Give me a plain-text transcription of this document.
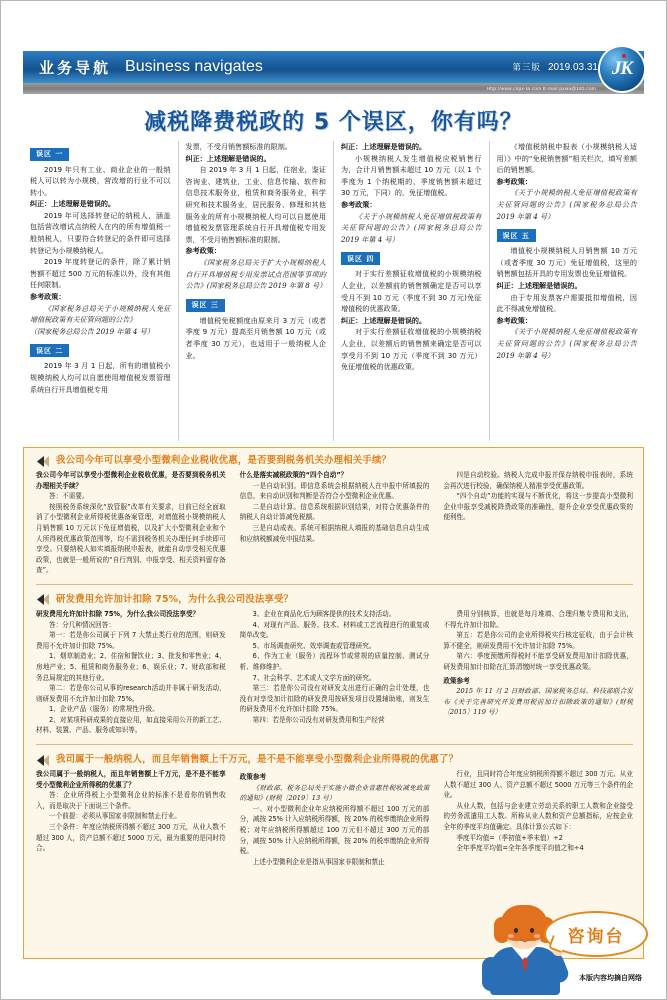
业务导航 Business navigates	第三版 2019.03.31
Http://www.cnpx-ta.com E-mail:pxwu@163.com
JK
减税降费税政的 5 个误区，你有吗？
误区 一

2019 年只有工业、商业企业的一般纳税人可以转为小规模，营改增的行业不可以转小。

纠正：上述理解是错误的。

2019 年可选择转登记的纳税人，涵盖包括营改增试点纳税人在内的所有增值税一般纳税人，只要符合转登记的条件即可选择转登记为小规模纳税人。

2019 年度转登记的条件，除了累计销售额不超过 500 万元的标准以外，没有其他任何限制。

参考政策：

《国家税务总局关于小规模纳税人免征增值税政策有关征管问题的公告》

（国家税务总局公告 2019 年第 4 号）

误区 二

2019 年 3 月 1 日起，所有的增值税小规模纳税人均可以自愿使用增值税发票管理系统自行开具增值税专用

发票，不受月销售额标准的限制。

纠正：上述理解是错误的。

自 2019 年 3 月 1 日起，住宿业，鉴证咨询业、建筑业，工业、信息传输、软件和信息技术服务业，租赁和商务服务业，科学研究和技术服务业，居民服务、修理和其他服务业的所有小规模纳税人均可以自愿使用增值税发票管理系统自行开具增值税专用发票，不受月销售额标准的限制。

参考政策：

《国家税务总局关于扩大小规模纳税人自行开具增值税专用发票试点范围等事项的公告》(国家税务总局公告 2019 年第 8 号）

误区 三

增值税免税额度由原来月 3 万元（或者季度 9 万元）提高至月销售额 10 万元（或者季度 30 万元），也适用于一般纳税人企业。

纠正：上述理解是错误的。

小规模纳税人发生增值税应税销售行为，合计月销售额未超过 10 万元（以 1 个季度为 1 个纳税期的，季度销售额未超过 30 万元，下同）的，免征增值税。

参考政策：

《关于小规模纳税人免征增值税政策有关征管问题的公告》(国家税务总局公告 2019 年第 4 号）

误区 四

对于实行差额征收增值税的小规模纳税人企业，以差额前的销售额确定是否可以享受月不到 10 万元（季度不到 30 万元)免征增值税的优惠政策。

纠正：上述理解是错误的。

对于实行差额征收增值税的小规模纳税人企业，以差额后的销售额来确定是否可以享受月不到 10 万元（季度不到 30 万元）免征增值税的优惠政策。

《增值税纳税申报表（小规模纳税人适用）》中的“免税销售额”相关栏次，填写差额后的销售额。

参考政策：

《关于小规模纳税人免征增值税政策有关征管问题的公告》(国家税务总局公告 2019 年第 4 号）

误区 五

增值税小规模纳税人月销售额 10 万元（或者季度 30 万元）免征增值税，这里的销售额包括开具的专用发票也免征增值税。

纠正：上述理解是错误的。

由于专用发票客户需要抵扣增值税，因此不得减免增值税。

参考政策：

《关于小规模纳税人免征增值税政策有关征管问题的公告》(国家税务总局公告 2019 年第 4 号）

我公司今年可以享受小型微利企业税收优惠，是否要到税务机关办理相关手续？

我公司今年可以享受小型微利企业税收优惠，是否要到税务机关办理相关手续？

答：不需要。

按照税务系统深化“放管服”改革有关要求，目前已经全面取消了小型微利企业所得税优惠备案管理，对增值税小规模纳税人月销售额 10 万元以下免征增值税，以及扩大小型微利企业和个人所得税优惠政策范围等，均不需到税务机关办理任何手续即可享受。只要纳税人如实填报纳税申报表，就能自动享受相关优惠政策，也就是一般所说的“自行判别、申报享受、相关资料留存备查”。

什么是落实减税政策的“四个自动”？

一是自动识别。即信息系统会根据纳税人在申报中所填报的信息，来自动识别和判断是否符合小型微利企业优惠。

二是自动计算。信息系统根据识别结果，对符合优惠条件的纳税人自动计算减免税额。

三是自动成表。系统可根据纳税人填报的基础信息自动生成和应纳税额减免申报结果。

四是自动校验。纳税人完成申报并保存纳税申报表时，系统会再次进行校验，确保纳税人精准享受优惠政策。

“四个自动”功能的实现与不断优化，将这一步提高小型微利企业申报享受减税降费政策的准确性，提升企业享受优惠政策的便利性。

研发费用允许加计扣除 75%，为什么我公司没法享受？

研发费用允许加计扣除 75%，为什么我公司没法享受？

答：分几种情况回答：

第一：若是你公司属于下列 7 大禁止类行业的范围，则研发费用不允许加计扣除 75%。

1、烟草制造业；2、住宿和餐饮业；3、批发和零售业；4、房地产业；5、租赁和商务服务业；6、娱乐业；7、财政部和税务总局规定的其他行业。

第二：若是你公司从事的research活动并非属于研发活动，则研发费用不允许加计扣除 75%。

1、企业产品（服务）的常规性升级。

2、对某项科研成果的直接应用，如直接采用公开的新工艺、材料、装置、产品、服务或知识等。

3、企业在商品化后为顾客提供的技术支持活动。

4、对现有产品、服务、技术、材料或工艺流程进行的重复或简单改变。

5、市场调查研究、效率调查或管理研究。

6、作为工业（服务）流程环节或常规的质量控制、测试分析、维修维护。

7、社会科学、艺术或人文学方面的研究。

第三：若是你公司没有对研发支出进行正确的会计处理，也没有对享受加计扣除的研发费用按研发项目设置辅助账，则发生的研发费用不允许加计扣除 75%。

第四：若是你公司没有对研发费用和生产经营

费用分别核算，也就是每月堆填、合理归集专费用和支出，不得允许加计扣除。

第五：若是你公司的企业所得税实行核定征收，由于会计核算不健全，则研发费用不允许加计扣除 75%。

第六：季度预缴所得税时不能享受研发费用加计扣除优惠，研发费用加计扣除在汇算清缴时统一享受优惠政策。

政策参考

2015 年 11 月 2 日财政部、国家税务总局、科技部联合发布《关于完善研究开发费用税前加计扣除政策的通知》(财税〔2015〕119 号）

我司属于一般纳税人，而且年销售额上千万元，是不是不能享受小型微利企业所得税的优惠了？

我公司属于一般纳税人，而且年销售额上千万元，是不是不能享受小型微利企业所得税的优惠了？

答：企业所得税上小型微利企业的标准不是看你的销售收入，而是取决于下面说三个条件。

一个前提：必须从事国家非限制和禁止行业。

三个条件：年度应纳税所得额不超过 300 万元，从业人数不超过 300 人，资产总额不超过 5000 万元，最为重要的是同时符合。

政策参考

《财政部、税务总局关于实施小微企业普惠性税收减免政策的通知》(财税〔2019〕13 号）

一、对小型微利企业年应纳税所得额不超过 100 万元的部分，减按 25% 计入应纳税所得额，按 20% 的税率缴纳企业所得税；对年应纳税所得额超过 100 万元但不超过 300 万元的部分，减按 50% 计入应纳税所得额，按 20% 的税率缴纳企业所得税。

上述小型微利企业是指从事国家非限制和禁止

行业，且同时符合年度应纳税所得额不超过 300 万元、从业人数不超过 300 人、资产总额不超过 5000 万元等三个条件的企业。

从业人数，包括与企业建立劳动关系的职工人数和企业接受的劳务派遣用工人数。所称从业人数和资产总额指标，应按企业全年的季度平均值确定。具体计算公式如下：

季度平均值=（季初值+季末值）÷2

全年季度平均值=全年各季度平均值之和÷4

咨询台
本版内容均摘自网络
